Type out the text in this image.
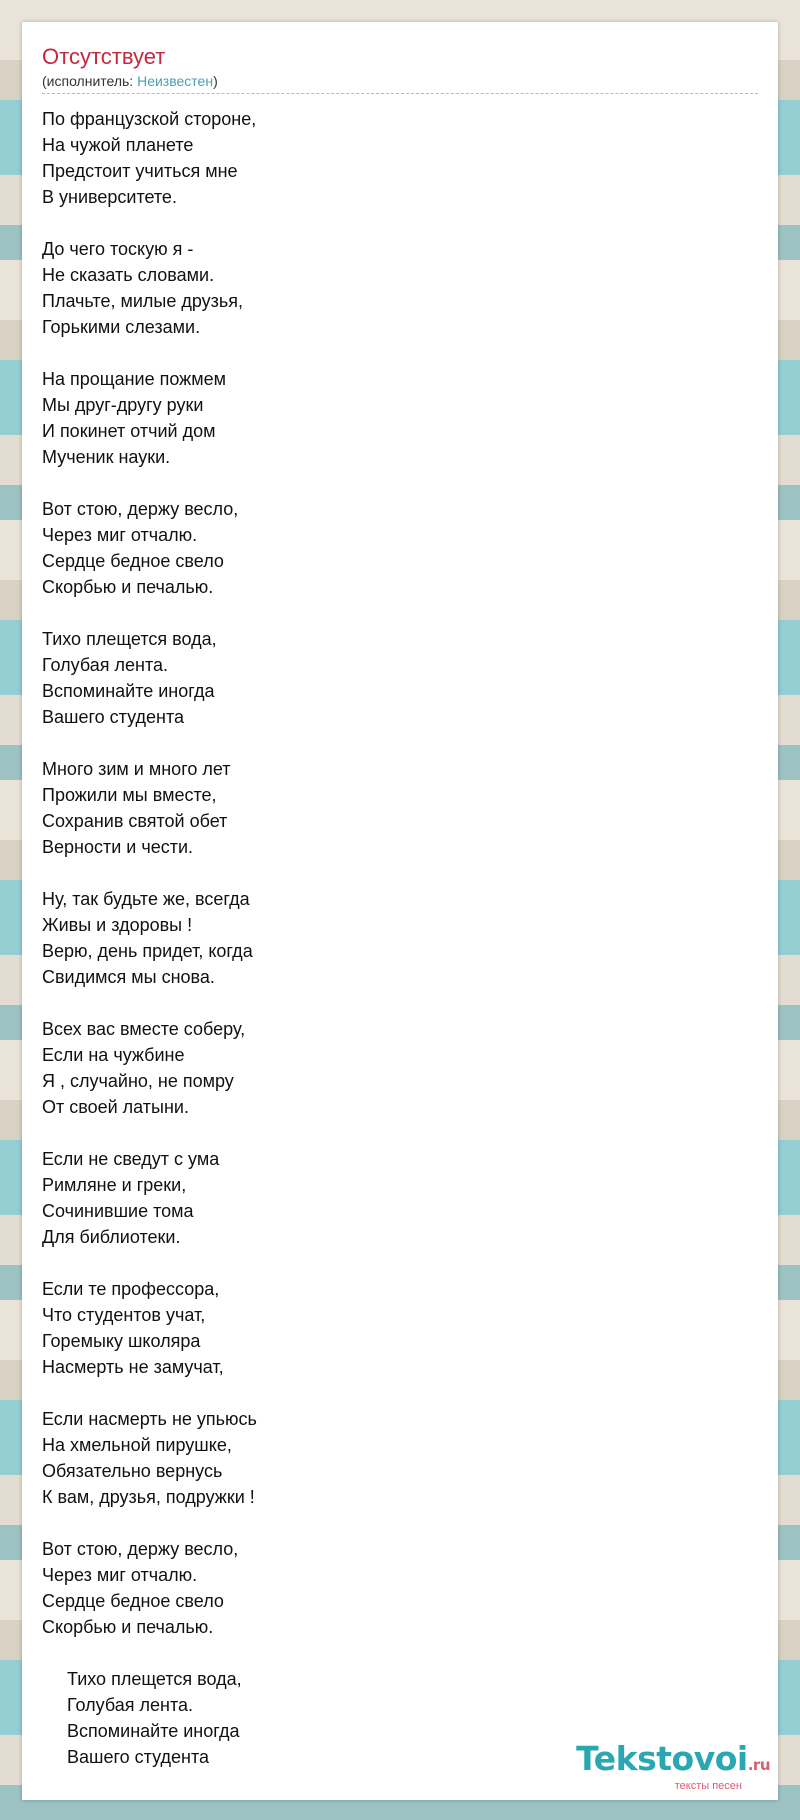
Отсутствует
(исполнитель: Неизвестен)
По французской стороне,
На чужой планете
Предстоит учиться мне
В университете.
До чего тоскую я -
Не сказать словами.
Плачьте, милые друзья,
Горькими слезами.
На прощание пожмем
Мы друг-другу руки
И покинет отчий дом
Мученик науки.
Вот стою, держу весло,
Через миг отчалю.
Сердце бедное свело
Скорбью и печалью.
Тихо плещется вода,
Голубая лента.
Вспоминайте иногда
Вашего студента
Много зим и много лет
Прожили мы вместе,
Сохранив святой обет
Верности и чести.
Ну, так будьте же, всегда
Живы и здоровы !
Верю, день придет, когда
Свидимся мы снова.
Всех вас вместе соберу,
Если на чужбине
Я , случайно, не помру
От своей латыни.
Если не сведут с ума
Римляне и греки,
Сочинившие тома
Для библиотеки.
Если те профессора,
Что студентов учат,
Горемыку школяра
Насмерть не замучат,
Если насмерть не упьюсь
На хмельной пирушке,
Обязательно вернусь
К вам, друзья, подружки !
Вот стою, держу весло,
Через миг отчалю.
Сердце бедное свело
Скорбью и печалью.
Тихо плещется вода,
Голубая лента.
Вспоминайте иногда
Вашего студента	Tekstovoi.ru
тексты песен
